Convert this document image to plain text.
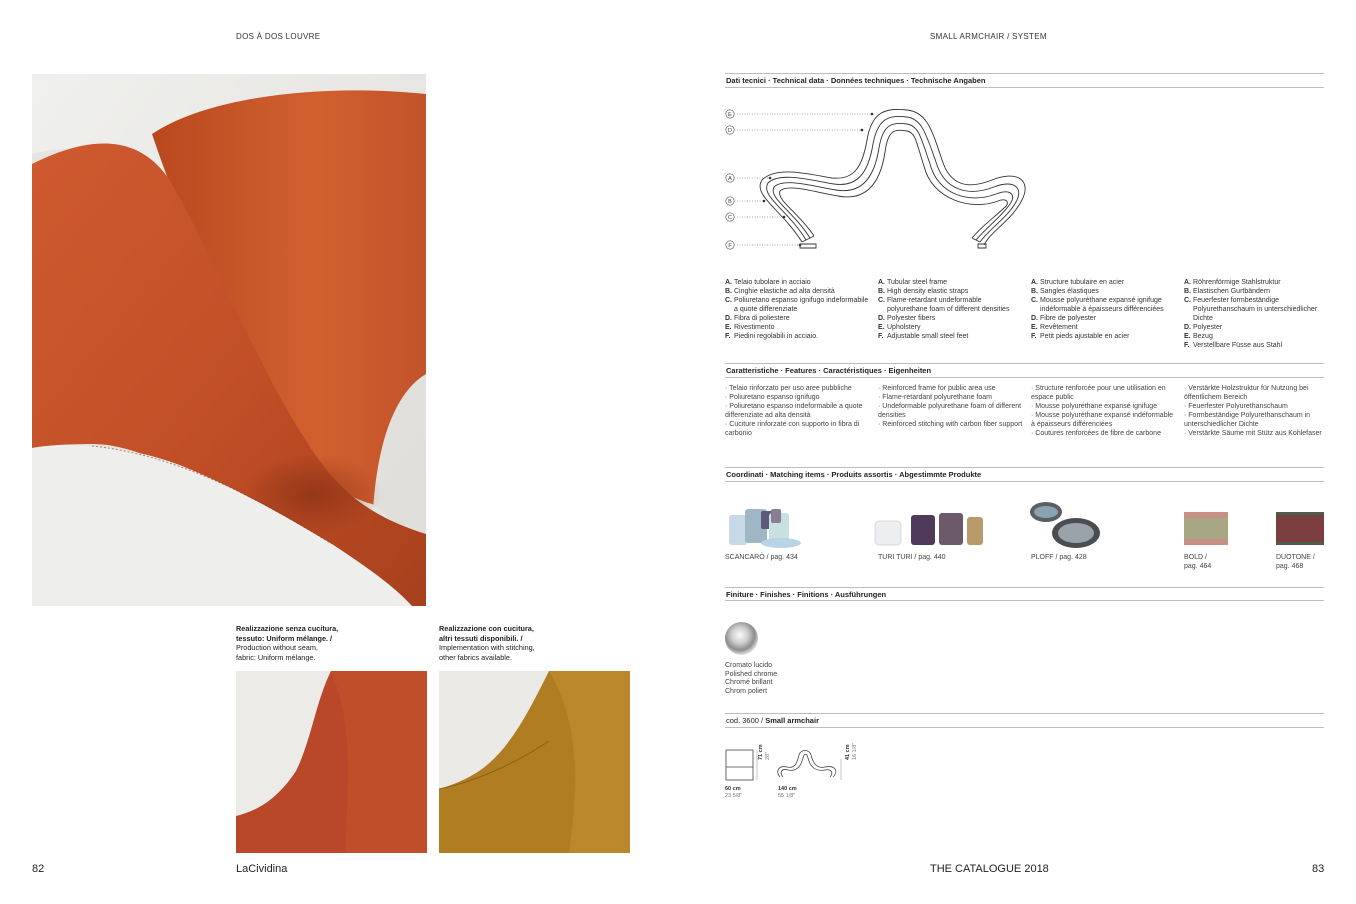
DOS À DOS LOUVRE	SMALL ARMCHAIR / SYSTEM
Realizzazione senza cucitura,
tessuto: Uniform mélange. /
Production without seam,
fabric: Uniform mélange.
Realizzazione con cucitura,
altri tessuti disponibili. /
Implementation with stitching,
other fabrics available.
82	LaCividina	THE CATALOGUE 2018	83
Dati tecnici · Technical data · Données techniques · Technische Angaben
E
D
A
B
C
F
A. Telaio tubolare in acciaio
B. Cinghie elastiche ad alta densità
C. Poliuretano espanso ignifugo indeformabile a quote differenziate
D. Fibra di poliestere
E. Rivestimento
F. Piedini regolabili in acciaio.
A. Tubular steel frame
B. High density elastic straps
C. Flame-retardant undeformable polyurethane foam of different densities
D. Polyester fibers
E. Upholstery
F. Adjustable small steel feet
A. Structure tubulaire en acier
B. Sangles élastiques
C. Mousse polyuréthane expansé ignifuge indéformable à épaisseurs différenciées
D. Fibre de polyester
E. Revêtement
F. Petit pieds ajustable en acier
A. Röhrenförmige Stahlstruktur
B. Elastischen Gurtbändern
C. Feuerfester formbeständige Polyurethanschaum in unterschiedlicher Dichte
D. Polyester
E. Bezug
F. Verstellbare Füsse aus Stahl
Caratteristiche · Features · Caractéristiques · Eigenheiten
· Telaio rinforzato per uso aree pubbliche
· Poliuretano espanso ignifugo
· Poliuretano espanso indeformabile a quote differenziate ad alta densità
· Cuciture rinforzate con supporto in fibra di carbonio
· Reinforced frame for public area use
· Flame-retardant polyurethane foam
· Undeformable polyurethane foam of different densities
· Reinforced stitching with carbon fiber support
· Structure renforcée pour une utilisation en espace public
· Mousse polyuréthane expansé ignifuge
· Mousse polyuréthane expansé indéformable à épaisseurs différenciées
· Coutures renforcées de fibre de carbone
· Verstärkte Holzstruktur für Nutzung bei öffentlichem Bereich
· Feuerfester Polyurethanschaum
· Formbeständige Polyurethanschaum in unterschiedlicher Dichte
· Verstärkte Säume mit Stütz aus Kohlefaser
Coordinati · Matching items · Produits assortis · Abgestimmte Produkte
SCANCARÒ / pag. 434	TURI TURI / pag. 440	PLOFF / pag. 428	BOLD /
pag. 464
DUOTONE /
pag. 468
Finiture · Finishes · Finitions · Ausführungen
Cromato lucido
Polished chrome
Chromé brillant
Chrom poliert
cod. 3600 / Small armchair
71 cm 28"	41 cm 16 1/8"
60 cm
23 5/8"
140 cm
55 1/8"
